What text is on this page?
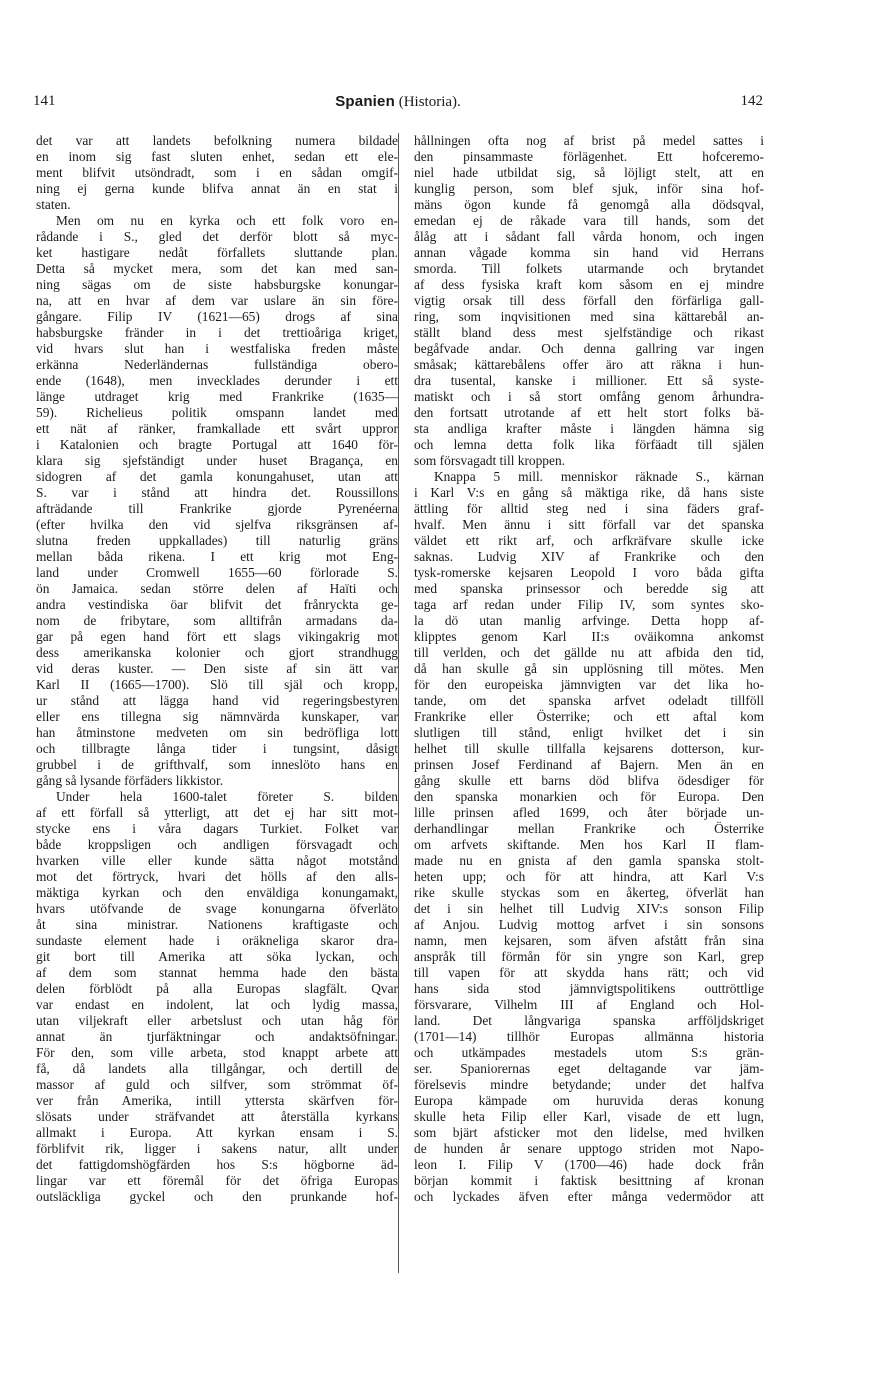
141	Spanien (Historia).	142
det var att landets befolkning numera bildade
en inom sig fast sluten enhet, sedan ett ele-
ment blifvit utsöndradt, som i en sådan omgif-
ning ej gerna kunde blifva annat än en stat i
staten.
Men om nu en kyrka och ett folk voro en-
rådande i S., gled det derför blott så myc-
ket hastigare nedåt förfallets sluttande plan.
Detta så mycket mera, som det kan med san-
ning sägas om de siste habsburgske konungar-
na, att en hvar af dem var uslare än sin före-
gångare. Filip IV (1621—65) drogs af sina
habsburgske fränder in i det trettioåriga kriget,
vid hvars slut han i westfaliska freden måste
erkänna Nederländernas fullständiga obero-
ende (1648), men invecklades derunder i ett
länge utdraget krig med Frankrike (1635—
59). Richelieus politik omspann landet med
ett nät af ränker, framkallade ett svårt uppror
i Katalonien och bragte Portugal att 1640 för-
klara sig sjefständigt under huset Bragança, en
sidogren af det gamla konungahuset, utan att
S. var i stånd att hindra det. Roussillons
afträdande till Frankrike gjorde Pyrenéerna
(efter hvilka den vid sjelfva riksgränsen af-
slutna freden uppkallades) till naturlig gräns
mellan båda rikena. I ett krig mot Eng-
land under Cromwell 1655—60 förlorade S.
ön Jamaica. sedan större delen af Haïti och
andra vestindiska öar blifvit det frånryckta ge-
nom de fribytare, som alltifrån armadans da-
gar på egen hand fört ett slags vikingakrig mot
dess amerikanska kolonier och gjort strandhugg
vid deras kuster. — Den siste af sin ätt var
Karl II (1665—1700). Slö till själ och kropp,
ur stånd att lägga hand vid regeringsbestyren
eller ens tillegna sig nämnvärda kunskaper, var
han åtminstone medveten om sin bedröfliga lott
och tillbragte långa tider i tungsint, dåsigt
grubbel i de grifthvalf, som inneslöto hans en
gång så lysande förfäders likkistor.
Under hela 1600-talet företer S. bilden
af ett förfall så ytterligt, att det ej har sitt mot-
stycke ens i våra dagars Turkiet. Folket var
både kroppsligen och andligen försvagadt och
hvarken ville eller kunde sätta något motstånd
mot det förtryck, hvari det hölls af den alls-
mäktiga kyrkan och den enväldiga konungamakt,
hvars utöfvande de svage konungarna öfverläto
åt sina ministrar. Nationens kraftigaste och
sundaste element hade i oräkneliga skaror dra-
git bort till Amerika att söka lyckan, och
af dem som stannat hemma hade den bästa
delen förblödt på alla Europas slagfält. Qvar
var endast en indolent, lat och lydig massa,
utan viljekraft eller arbetslust och utan håg för
annat än tjurfäktningar och andaktsöfningar.
För den, som ville arbeta, stod knappt arbete att
få, då landets alla tillgångar, och dertill de
massor af guld och silfver, som strömmat öf-
ver från Amerika, intill yttersta skärfven för-
slösats under sträfvandet att återställa kyrkans
allmakt i Europa. Att kyrkan ensam i S.
förblifvit rik, ligger i sakens natur, allt under
det fattigdomshögfärden hos S:s högborne äd-
lingar var ett föremål för det öfriga Europas
outsläckliga gyckel och den prunkande hof-
hållningen ofta nog af brist på medel sattes i
den pinsammaste förlägenhet. Ett hofceremo-
niel hade utbildat sig, så löjligt stelt, att en
kunglig person, som blef sjuk, inför sina hof-
mäns ögon kunde få genomgå alla dödsqval,
emedan ej de råkade vara till hands, som det
ålåg att i sådant fall vårda honom, och ingen
annan vågade komma sin hand vid Herrans
smorda. Till folkets utarmande och brytandet
af dess fysiska kraft kom såsom en ej mindre
vigtig orsak till dess förfall den förfärliga gall-
ring, som inqvisitionen med sina kättarebål an-
ställt bland dess mest sjelfständige och rikast
begåfvade andar. Och denna gallring var ingen
småsak; kättarebålens offer äro att räkna i hun-
dra tusental, kanske i millioner. Ett så syste-
matiskt och i så stort omfång genom århundra-
den fortsatt utrotande af ett helt stort folks bä-
sta andliga krafter måste i längden hämna sig
och lemna detta folk lika förfäadt till själen
som försvagadt till kroppen.
Knappa 5 mill. menniskor räknade S., kärnan
i Karl V:s en gång så mäktiga rike, då hans siste
ättling för alltid steg ned i sina fäders graf-
hvalf. Men ännu i sitt förfall var det spanska
väldet ett rikt arf, och arfkräfvare skulle icke
saknas. Ludvig XIV af Frankrike och den
tysk-romerske kejsaren Leopold I voro båda gifta
med spanska prinsessor och beredde sig att
taga arf redan under Filip IV, som syntes sko-
la dö utan manlig arfvinge. Detta hopp af-
klipptes genom Karl II:s oväikomna ankomst
till verlden, och det gällde nu att afbida den tid,
då han skulle gå sin upplösning till mötes. Men
för den europeiska jämnvigten var det lika ho-
tande, om det spanska arfvet odeladt tillföll
Frankrike eller Österrike; och ett aftal kom
slutligen till stånd, enligt hvilket det i sin
helhet till skulle tillfalla kejsarens dotterson, kur-
prinsen Josef Ferdinand af Bajern. Men än en
gång skulle ett barns död blifva ödesdiger för
den spanska monarkien och för Europa. Den
lille prinsen afled 1699, och åter började un-
derhandlingar mellan Frankrike och Österrike
om arfvets skiftande. Men hos Karl II flam-
made nu en gnista af den gamla spanska stolt-
heten upp; och för att hindra, att Karl V:s
rike skulle styckas som en åkerteg, öfverlät han
det i sin helhet till Ludvig XIV:s sonson Filip
af Anjou. Ludvig mottog arfvet i sin sonsons
namn, men kejsaren, som äfven afstått från sina
anspråk till förmån för sin yngre son Karl, grep
till vapen för att skydda hans rätt; och vid
hans sida stod jämnvigtspolitikens outtröttlige
försvarare, Vilhelm III af England och Hol-
land. Det långvariga spanska arfföljdskriget
(1701—14) tillhör Europas allmänna historia
och utkämpades mestadels utom S:s grän-
ser. Spaniorernas eget deltagande var jäm-
förelsevis mindre betydande; under det halfva
Europa kämpade om huruvida deras konung
skulle heta Filip eller Karl, visade de ett lugn,
som bjärt afsticker mot den lidelse, med hvilken
de hunden år senare upptogo striden mot Napo-
leon I. Filip V (1700—46) hade dock från
början kommit i faktisk besittning af kronan
och lyckades äfven efter många vedermödor att
